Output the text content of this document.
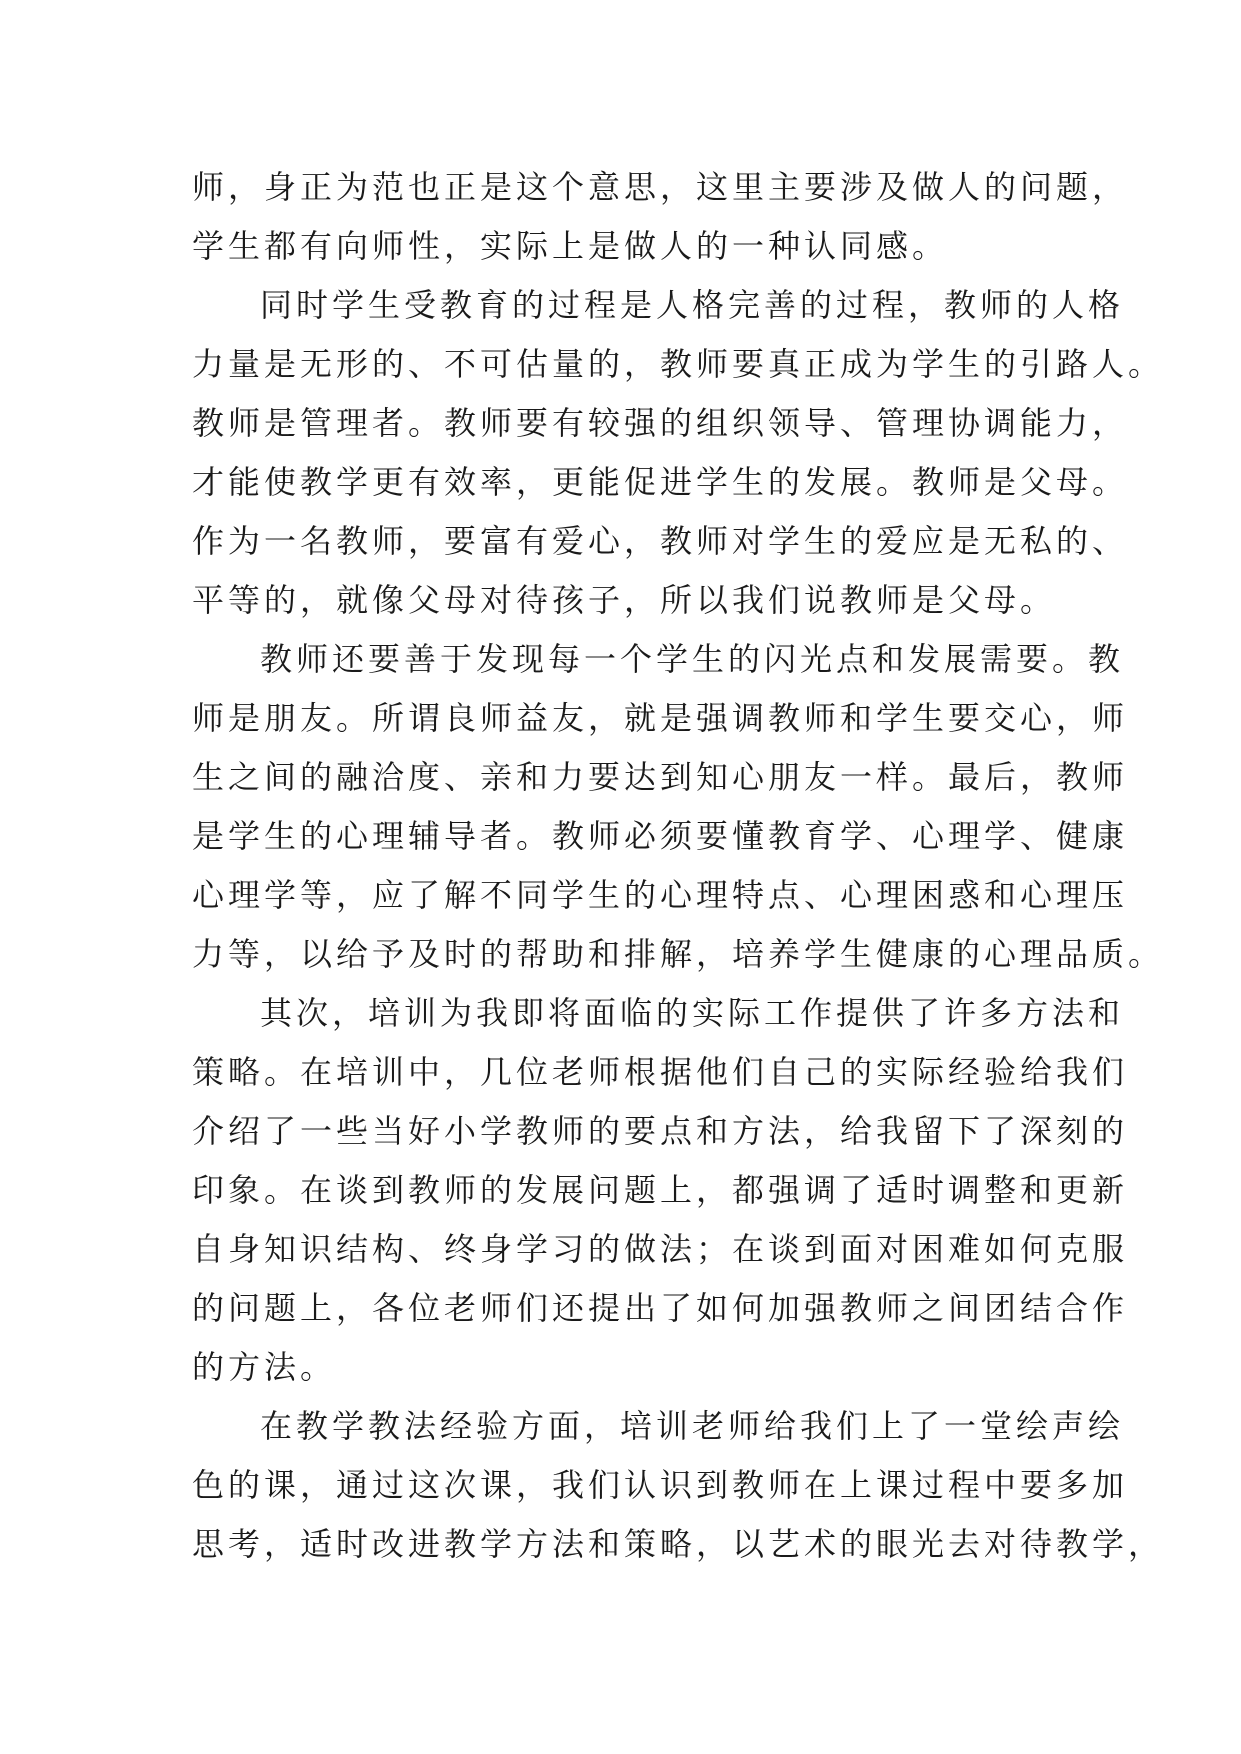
师，身正为范也正是这个意思，这里主要涉及做人的问题，
学生都有向师性，实际上是做人的一种认同感。
同时学生受教育的过程是人格完善的过程，教师的人格
力量是无形的、不可估量的，教师要真正成为学生的引路人。
教师是管理者。教师要有较强的组织领导、管理协调能力，
才能使教学更有效率，更能促进学生的发展。教师是父母。
作为一名教师，要富有爱心，教师对学生的爱应是无私的、
平等的，就像父母对待孩子，所以我们说教师是父母。
教师还要善于发现每一个学生的闪光点和发展需要。教
师是朋友。所谓良师益友，就是强调教师和学生要交心，师
生之间的融洽度、亲和力要达到知心朋友一样。最后，教师
是学生的心理辅导者。教师必须要懂教育学、心理学、健康
心理学等，应了解不同学生的心理特点、心理困惑和心理压
力等，以给予及时的帮助和排解，培养学生健康的心理品质。
其次，培训为我即将面临的实际工作提供了许多方法和
策略。在培训中，几位老师根据他们自己的实际经验给我们
介绍了一些当好小学教师的要点和方法，给我留下了深刻的
印象。在谈到教师的发展问题上，都强调了适时调整和更新
自身知识结构、终身学习的做法；在谈到面对困难如何克服
的问题上，各位老师们还提出了如何加强教师之间团结合作
的方法。
在教学教法经验方面，培训老师给我们上了一堂绘声绘
色的课，通过这次课，我们认识到教师在上课过程中要多加
思考，适时改进教学方法和策略，以艺术的眼光去对待教学，
